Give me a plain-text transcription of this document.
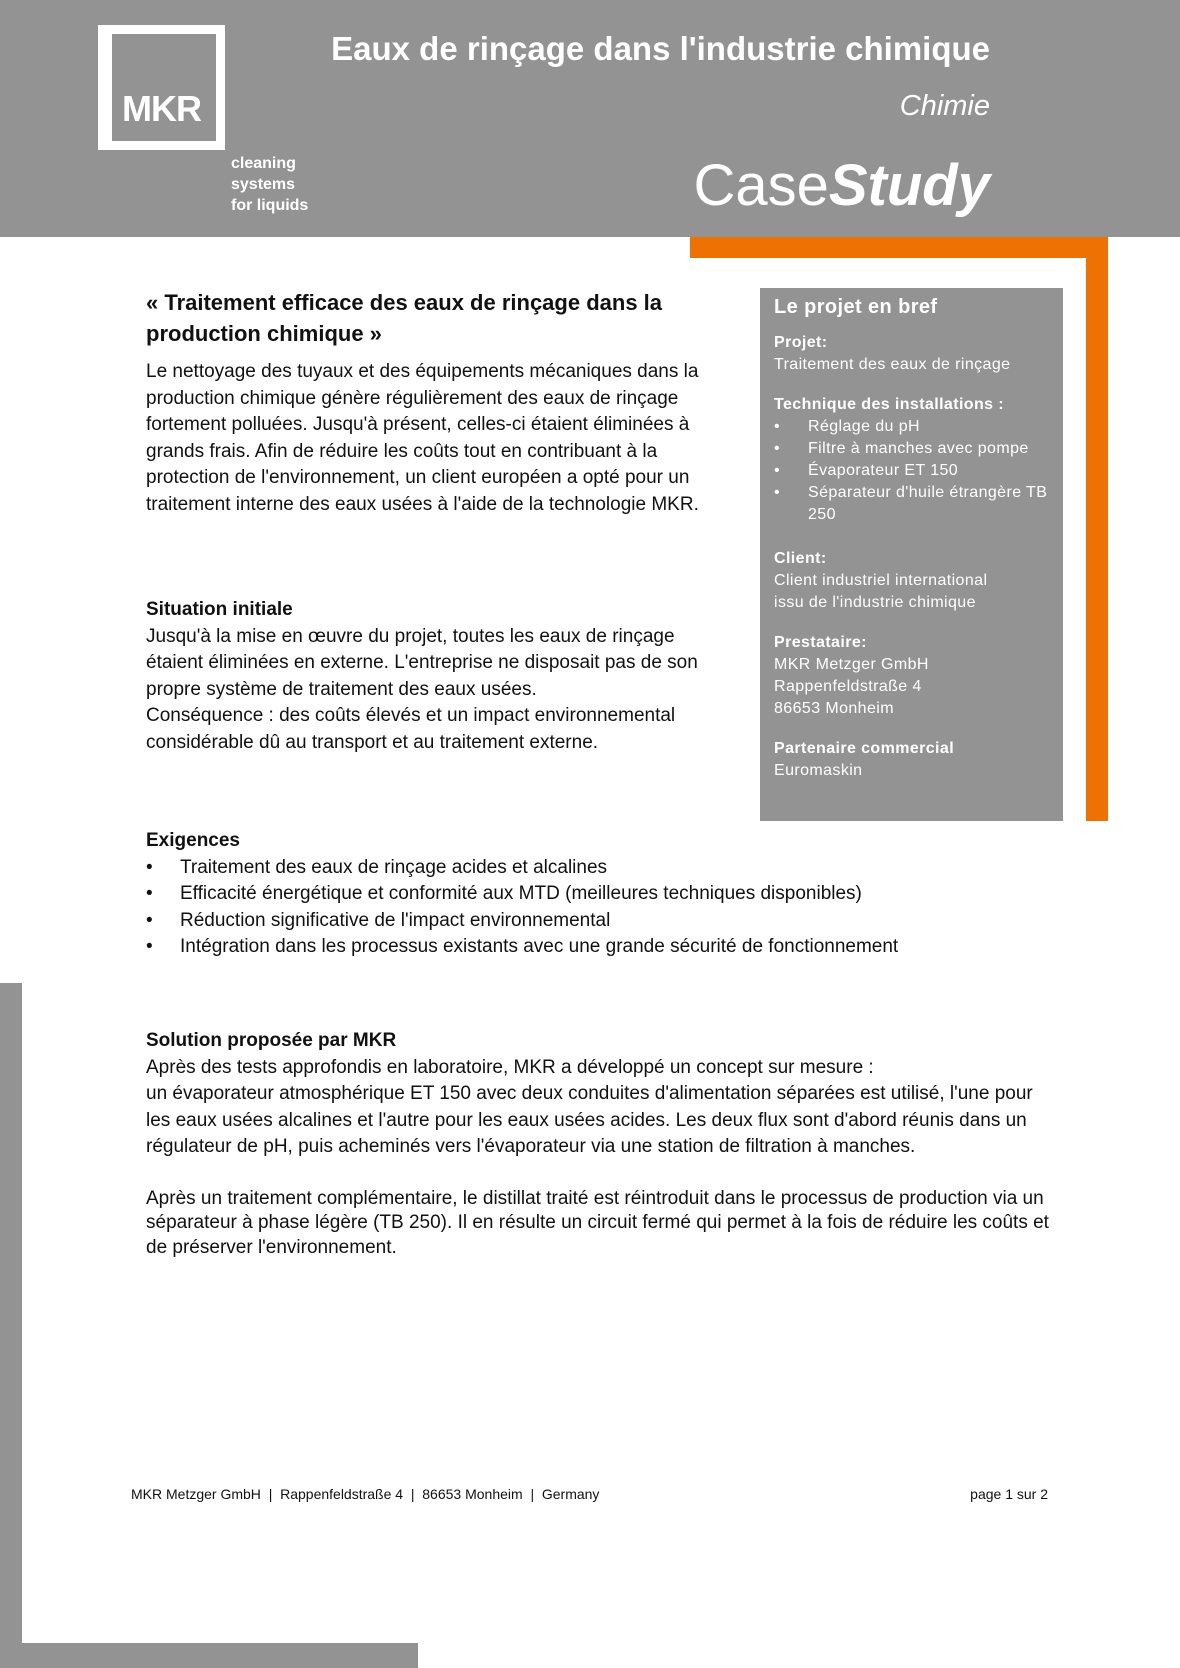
MKR
cleaning
systems
for liquids
Eaux de rinçage dans l'industrie chimique
Chimie
CaseStudy
« Traitement efficace des eaux de rinçage dans la production chimique »

Le nettoyage des tuyaux et des équipements mécaniques dans la production chimique génère régulièrement des eaux de rinçage fortement polluées. Jusqu'à présent, celles-ci étaient éliminées à grands frais. Afin de réduire les coûts tout en contribuant à la protection de l'environnement, un client européen a opté pour un traitement interne des eaux usées à l'aide de la technologie MKR.

Situation initiale

Jusqu'à la mise en œuvre du projet, toutes les eaux de rinçage étaient éliminées en externe. L'entreprise ne disposait pas de son propre système de traitement des eaux usées.

Conséquence : des coûts élevés et un impact environnemental considérable dû au transport et au traitement externe.

Exigences
• Traitement des eaux de rinçage acides et alcalines
• Efficacité énergétique et conformité aux MTD (meilleures techniques disponibles)
• Réduction significative de l'impact environnemental
• Intégration dans les processus existants avec une grande sécurité de fonctionnement
Solution proposée par MKR

Après des tests approfondis en laboratoire, MKR a développé un concept sur mesure :

un évaporateur atmosphérique ET 150 avec deux conduites d'alimentation séparées est utilisé, l'une pour les eaux usées alcalines et l'autre pour les eaux usées acides. Les deux flux sont d'abord réunis dans un régulateur de pH, puis acheminés vers l'évaporateur via une station de filtration à manches.

Après un traitement complémentaire, le distillat traité est réintroduit dans le processus de production via un séparateur à phase légère (TB 250). Il en résulte un circuit fermé qui permet à la fois de réduire les coûts et de préserver l'environnement.

Le projet en bref
Projet:
Traitement des eaux de rinçage
Technique des installations :
• Réglage du pH
• Filtre à manches avec pompe
• Évaporateur ET 150
• Séparateur d'huile étrangère TB 250
Client:
Client industriel international
issu de l'industrie chimique
Prestataire:
MKR Metzger GmbH
Rappenfeldstraße 4
86653 Monheim
Partenaire commercial
Euromaskin
MKR Metzger GmbH  |  Rappenfeldstraße 4  |  86653 Monheim  |  Germany	page 1 sur 2
